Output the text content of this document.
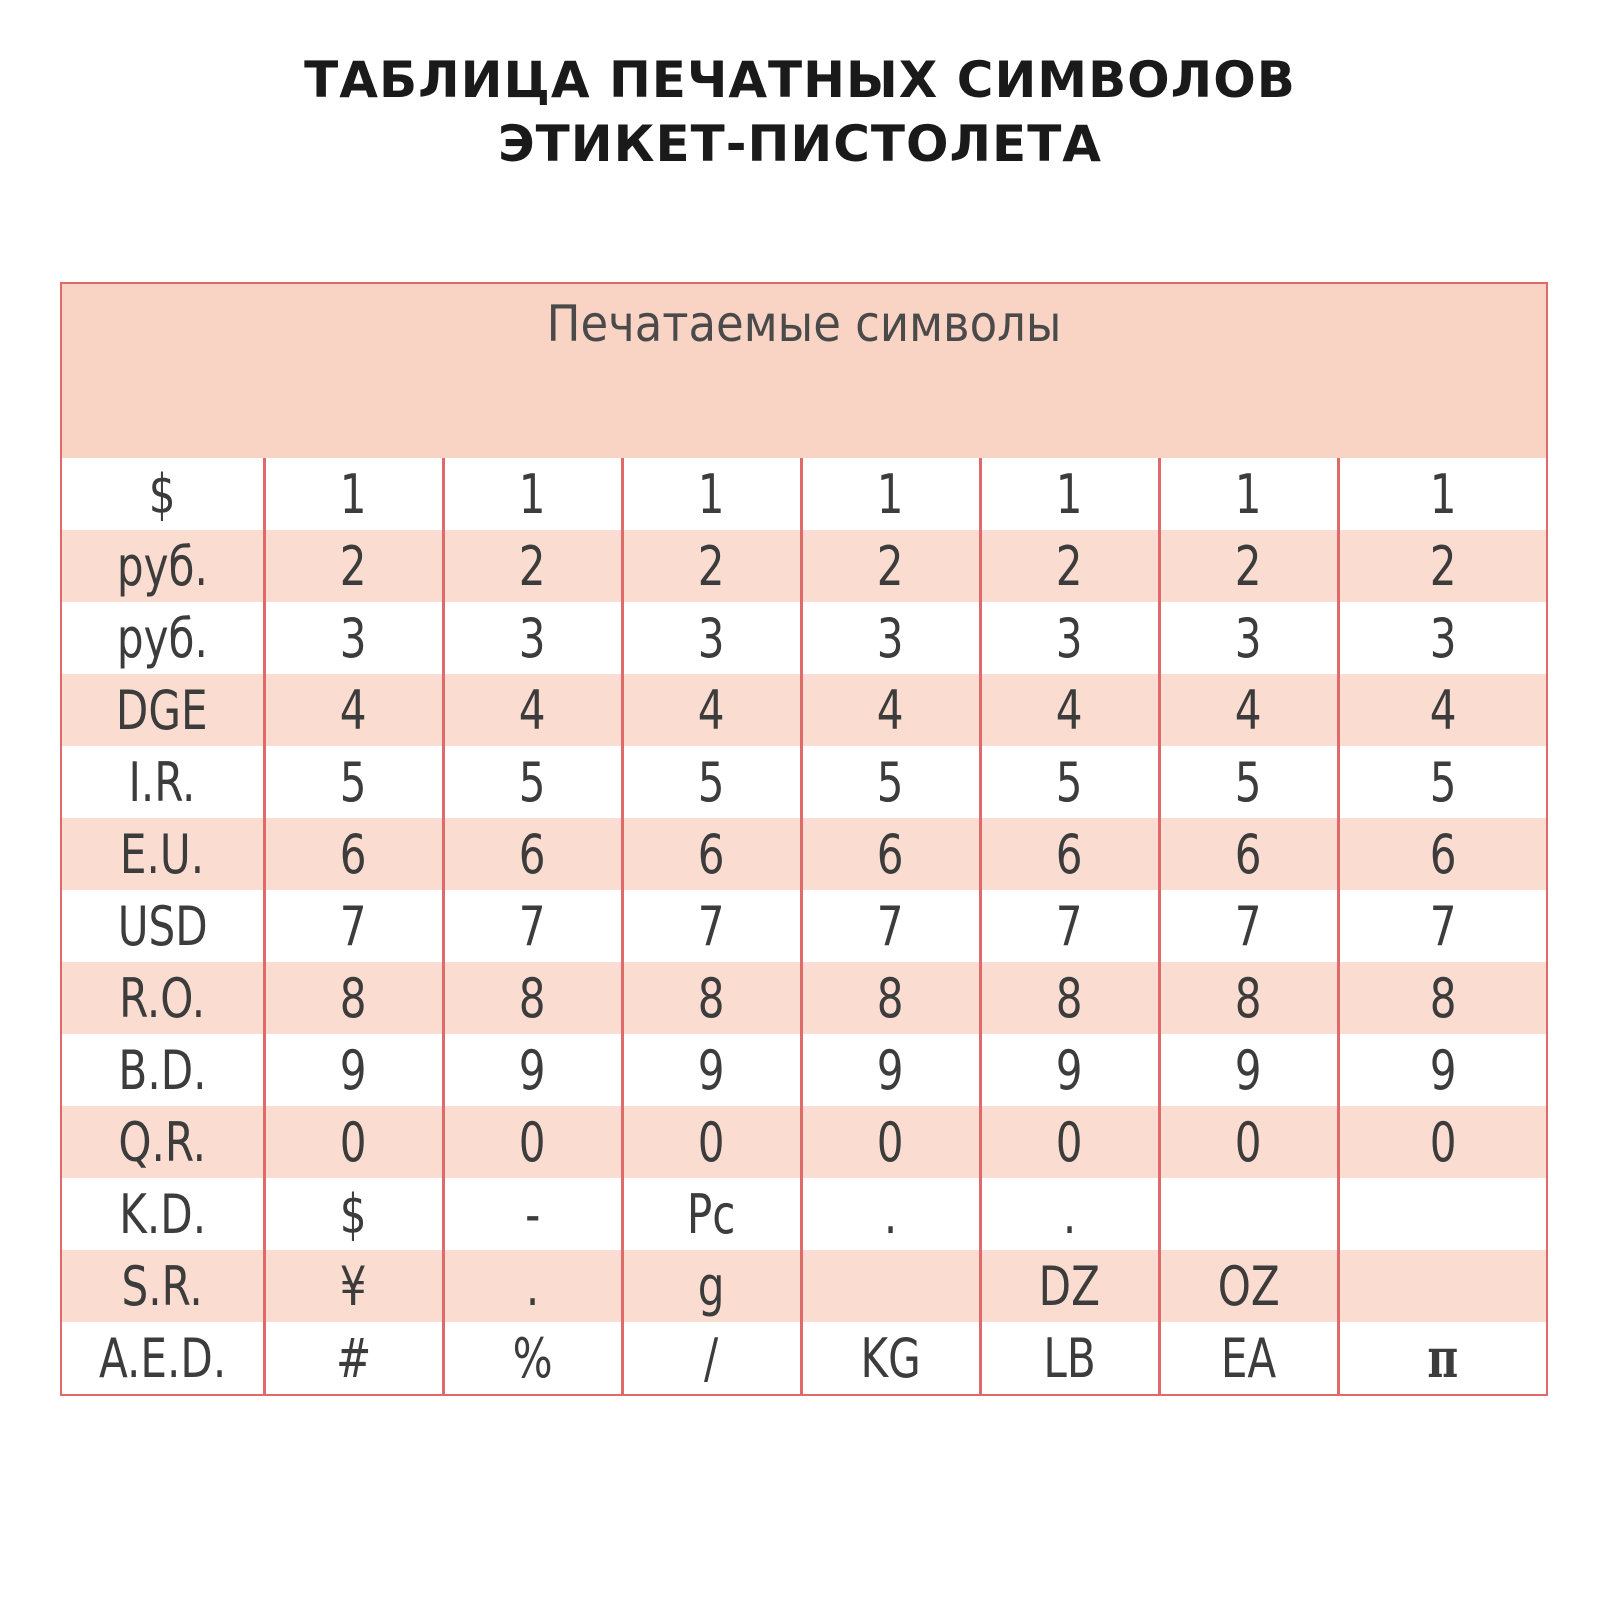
ТАБЛИЦА ПЕЧАТНЫХ СИМВОЛОВ
ЭТИКЕТ-ПИСТОЛЕТА
Печатаемые символы
$	1	1	1	1	1	1	1
руб.	2	2	2	2	2	2	2
руб.	3	3	3	3	3	3	3
DGE	4	4	4	4	4	4	4
I.R.	5	5	5	5	5	5	5
E.U.	6	6	6	6	6	6	6
USD	7	7	7	7	7	7	7
R.O.	8	8	8	8	8	8	8
B.D.	9	9	9	9	9	9	9
Q.R.	0	0	0	0	0	0	0
K.D.	$	-	Pc	.	.		
S.R.	¥	.	g		DZ	OZ	
A.E.D.	#	%	/	KG	LB	EA	π
